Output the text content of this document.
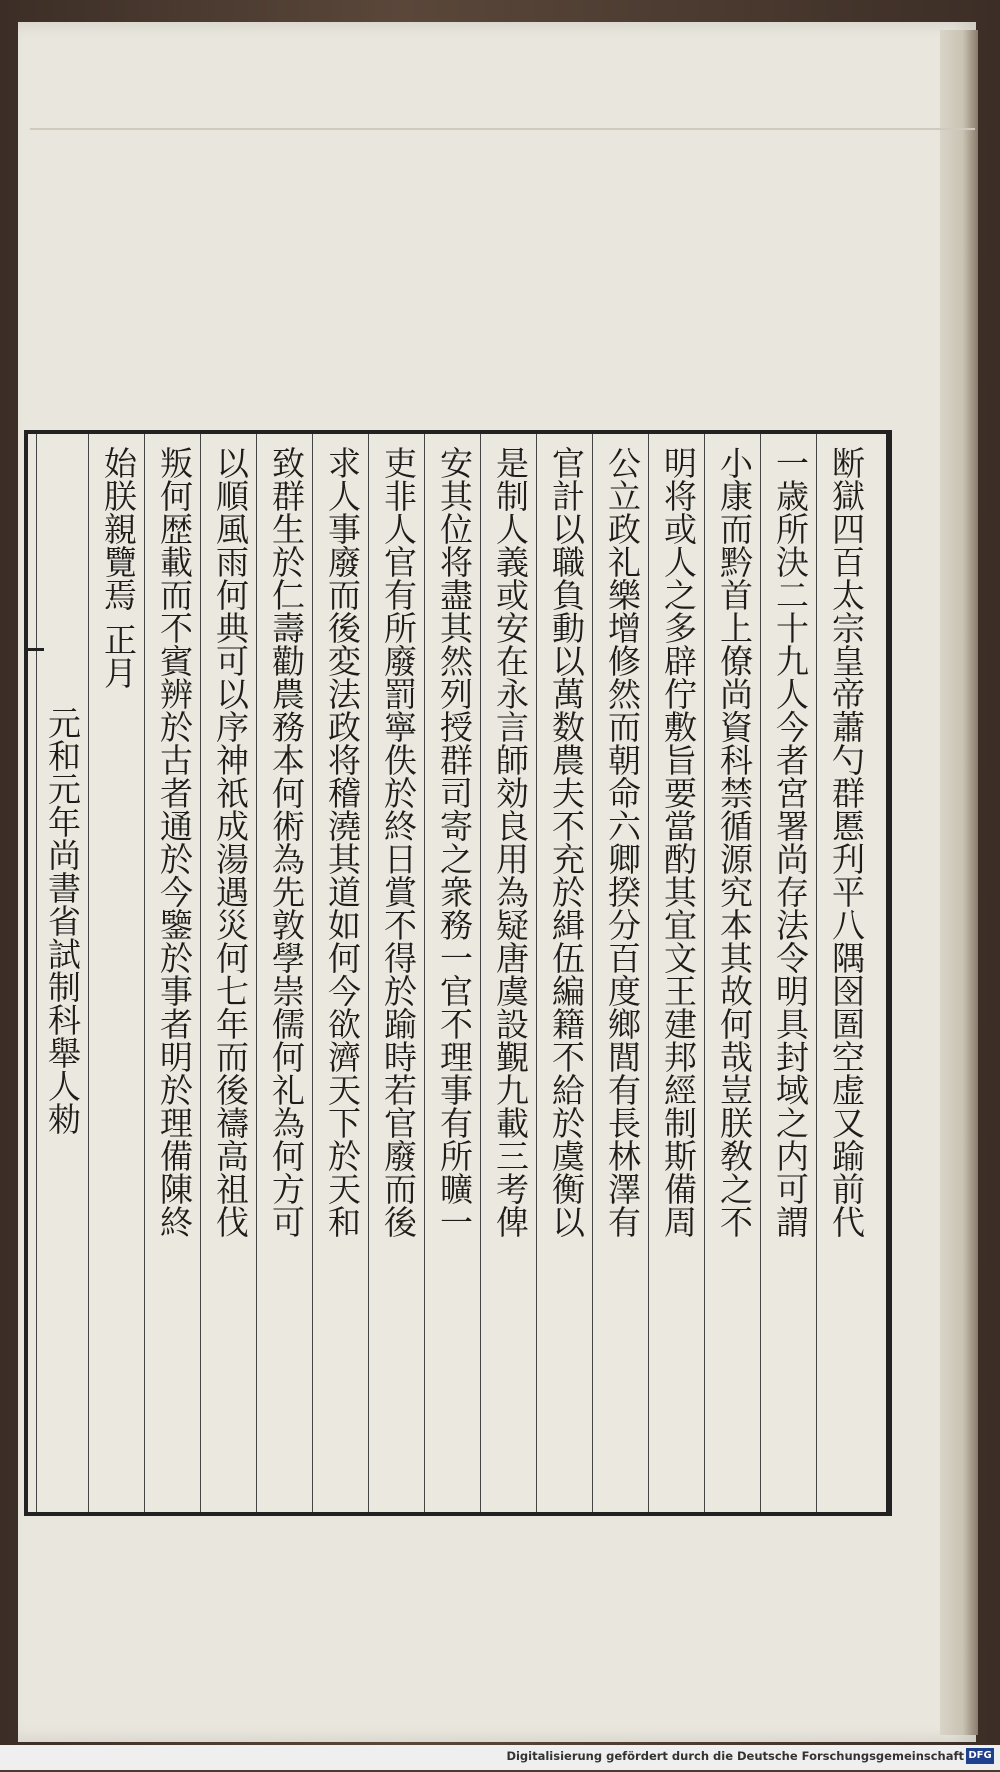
断獄四百太宗皇帝蕭勺群慝刋平八隅囹圄空虚又踰前代
一歳所決二十九人今者宮署尚存法令明具封域之内可謂
小康而黔首上僚尚資科禁循源究本其故何哉豈朕敎之不
明将或人之多辟佇敷旨要當酌其宜文王建邦經制斯備周
公立政礼樂增修然而朝命六卿揆分百度鄉閭有長林澤有
官計以職負動以萬数農夫不充於緝伍編籍不給於虞衡以
是制人義或安在永言師効良用為疑唐虞設覲九載三考俾
安其位将盡其然列授群司寄之衆務一官不理事有所曠一
吏非人官有所廢罰寧佚於終日賞不得於踰時若官廢而後
求人事廢而後変法政将稽澆其道如何今欲濟天下於天和
致群生於仁壽勸農務本何術為先敦學崇儒何礼為何方可
以順風雨何典可以序神祇成湯遇災何七年而後禱高祖伐
叛何歴載而不賓辨於古者通於今鑒於事者明於理備陳終
始朕親覽焉
正月
元和元年尚書省試制科舉人勑
Digitalisierung gefördert durch die Deutsche Forschungsgemeinschaft DFG
